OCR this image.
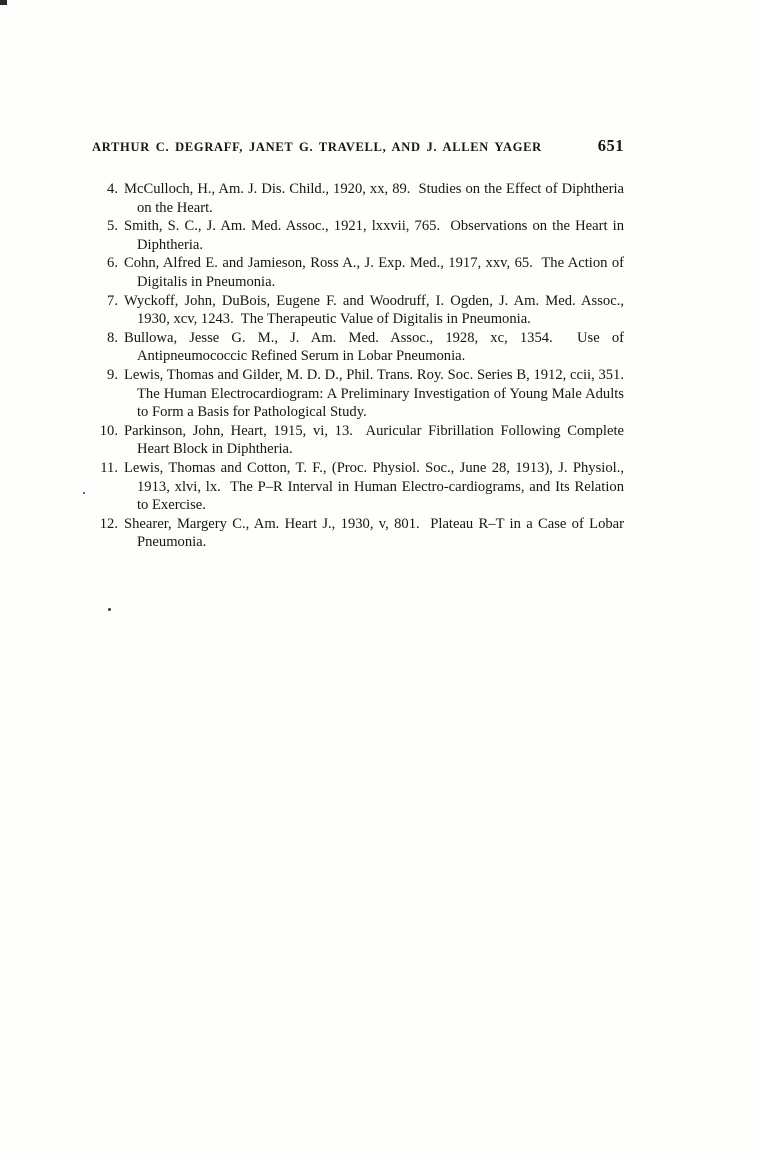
ARTHUR C. DEGRAFF, JANET G. TRAVELL, AND J. ALLEN YAGER	651
4. McCulloch, H., Am. J. Dis. Child., 1920, xx, 89.  Studies on the Effect of Diphtheria on the Heart.
5. Smith, S. C., J. Am. Med. Assoc., 1921, lxxvii, 765.  Observations on the Heart in Diphtheria.
6. Cohn, Alfred E. and Jamieson, Ross A., J. Exp. Med., 1917, xxv, 65.  The Action of Digitalis in Pneumonia.
7. Wyckoff, John, DuBois, Eugene F. and Woodruff, I. Ogden, J. Am. Med. Assoc., 1930, xcv, 1243.  The Therapeutic Value of Digitalis in Pneumonia.
8. Bullowa, Jesse G. M., J. Am. Med. Assoc., 1928, xc, 1354.  Use of Antipneumococcic Refined Serum in Lobar Pneumonia.
9. Lewis, Thomas and Gilder, M. D. D., Phil. Trans. Roy. Soc. Series B, 1912, ccii, 351.  The Human Electrocardiogram: A Preliminary Investigation of Young Male Adults to Form a Basis for Pathological Study.
10. Parkinson, John, Heart, 1915, vi, 13.  Auricular Fibrillation Following Complete Heart Block in Diphtheria.
11. Lewis, Thomas and Cotton, T. F., (Proc. Physiol. Soc., June 28, 1913), J. Physiol., 1913, xlvi, lx.  The P–R Interval in Human Electro-cardiograms, and Its Relation to Exercise.
12. Shearer, Margery C., Am. Heart J., 1930, v, 801.  Plateau R–T in a Case of Lobar Pneumonia.
